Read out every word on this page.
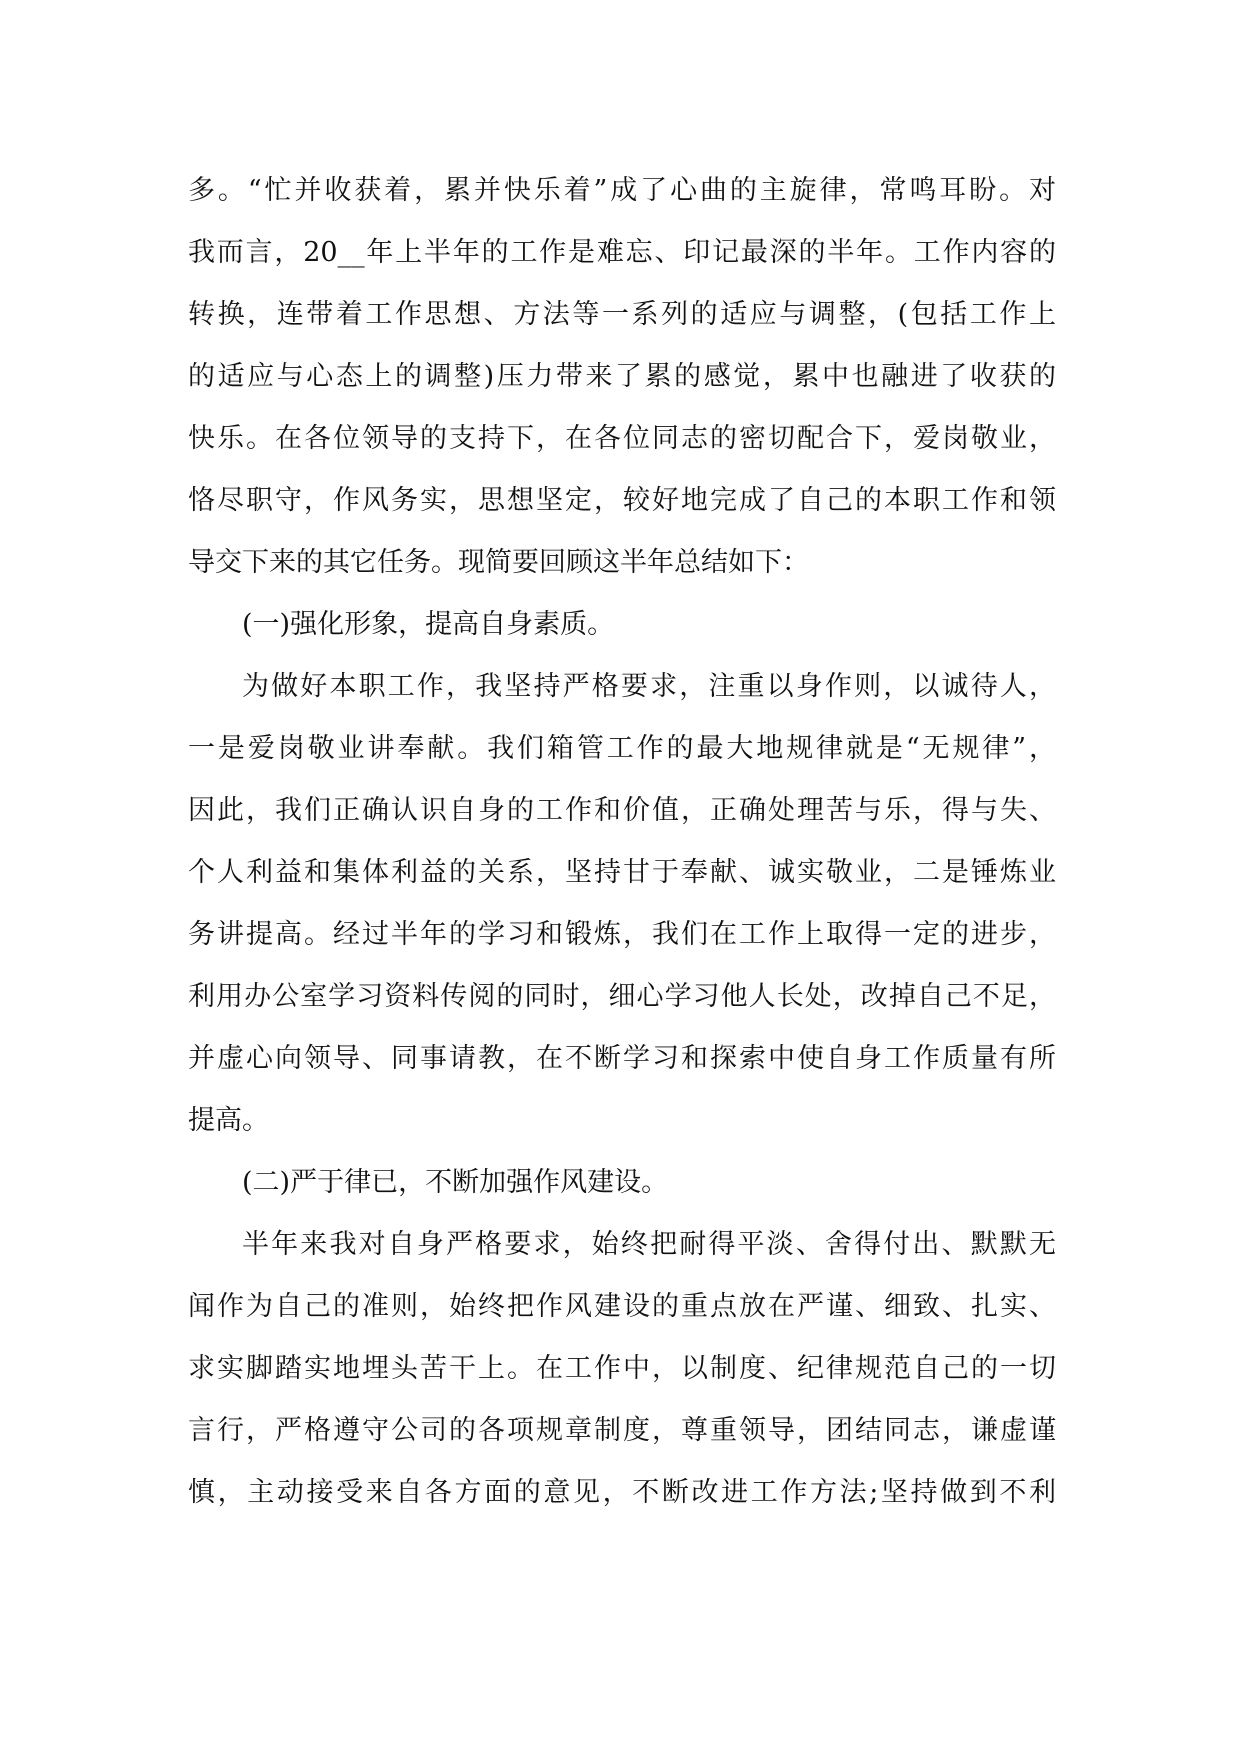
多。“忙并收获着，累并快乐着”成了心曲的主旋律，常鸣耳盼。对
我而言，20__年上半年的工作是难忘、印记最深的半年。工作内容的
转换，连带着工作思想、方法等一系列的适应与调整，(包括工作上
的适应与心态上的调整)压力带来了累的感觉，累中也融进了收获的
快乐。在各位领导的支持下，在各位同志的密切配合下，爱岗敬业，
恪尽职守，作风务实，思想坚定，较好地完成了自己的本职工作和领
导交下来的其它任务。现简要回顾这半年总结如下：
(一)强化形象，提高自身素质。
为做好本职工作，我坚持严格要求，注重以身作则，以诚待人，
一是爱岗敬业讲奉献。我们箱管工作的最大地规律就是“无规律”，
因此，我们正确认识自身的工作和价值，正确处理苦与乐，得与失、
个人利益和集体利益的关系，坚持甘于奉献、诚实敬业，二是锤炼业
务讲提高。经过半年的学习和锻炼，我们在工作上取得一定的进步，
利用办公室学习资料传阅的同时，细心学习他人长处，改掉自己不足，
并虚心向领导、同事请教，在不断学习和探索中使自身工作质量有所
提高。
(二)严于律已，不断加强作风建设。
半年来我对自身严格要求，始终把耐得平淡、舍得付出、默默无
闻作为自己的准则，始终把作风建设的重点放在严谨、细致、扎实、
求实脚踏实地埋头苦干上。在工作中，以制度、纪律规范自己的一切
言行，严格遵守公司的各项规章制度，尊重领导，团结同志，谦虚谨
慎，主动接受来自各方面的意见，不断改进工作方法;坚持做到不利
